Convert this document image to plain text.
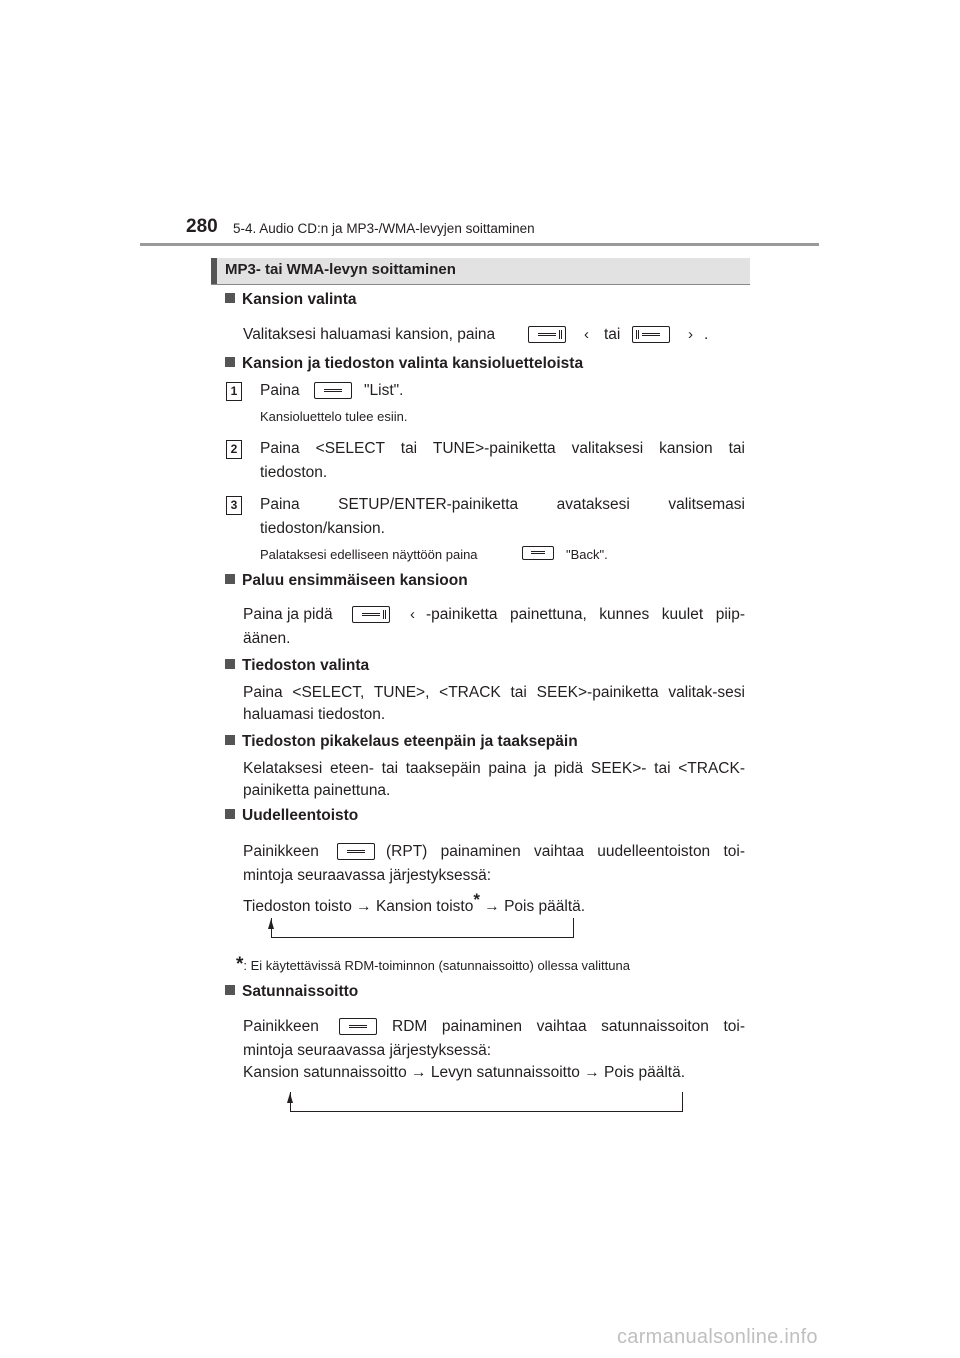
280 5-4. Audio CD:n ja MP3-/WMA-levyjen soittaminen
MP3- tai WMA-levyn soittaminen
Kansion valinta
Valitaksesi haluamasi kansion, paina	‹ tai	› .
Kansion ja tiedoston valinta kansioluetteloista
1	Paina	"List".
Kansioluettelo tulee esiin.
2	Paina <SELECT tai TUNE>-painiketta valitaksesi kansion tai tiedoston.
3	Paina SETUP/ENTER-painiketta avataksesi valitsemasi tiedoston/kansion.
Palataksesi edelliseen näyttöön paina	"Back".
Paluu ensimmäiseen kansioon
Paina ja pidä	‹ -painiketta painettuna, kunnes kuulet piip-
äänen.
Tiedoston valinta
Paina <SELECT, TUNE>, <TRACK tai SEEK>-painiketta valitak-sesi haluamasi tiedoston.
Tiedoston pikakelaus eteenpäin ja taaksepäin
Kelataksesi eteen- tai taaksepäin paina ja pidä SEEK>- tai <TRACK-painiketta painettuna.
Uudelleentoisto
Painikkeen	(RPT) painaminen vaihtaa uudelleentoiston toi-
mintoja seuraavassa järjestyksessä:
Tiedoston toisto → Kansion toisto* → Pois päältä.
*: Ei käytettävissä RDM-toiminnon (satunnaissoitto) ollessa valittuna
Satunnaissoitto
Painikkeen	RDM painaminen vaihtaa satunnaissoiton toi-
mintoja seuraavassa järjestyksessä:
Kansion satunnaissoitto → Levyn satunnaissoitto → Pois päältä.
carmanualsonline.info
